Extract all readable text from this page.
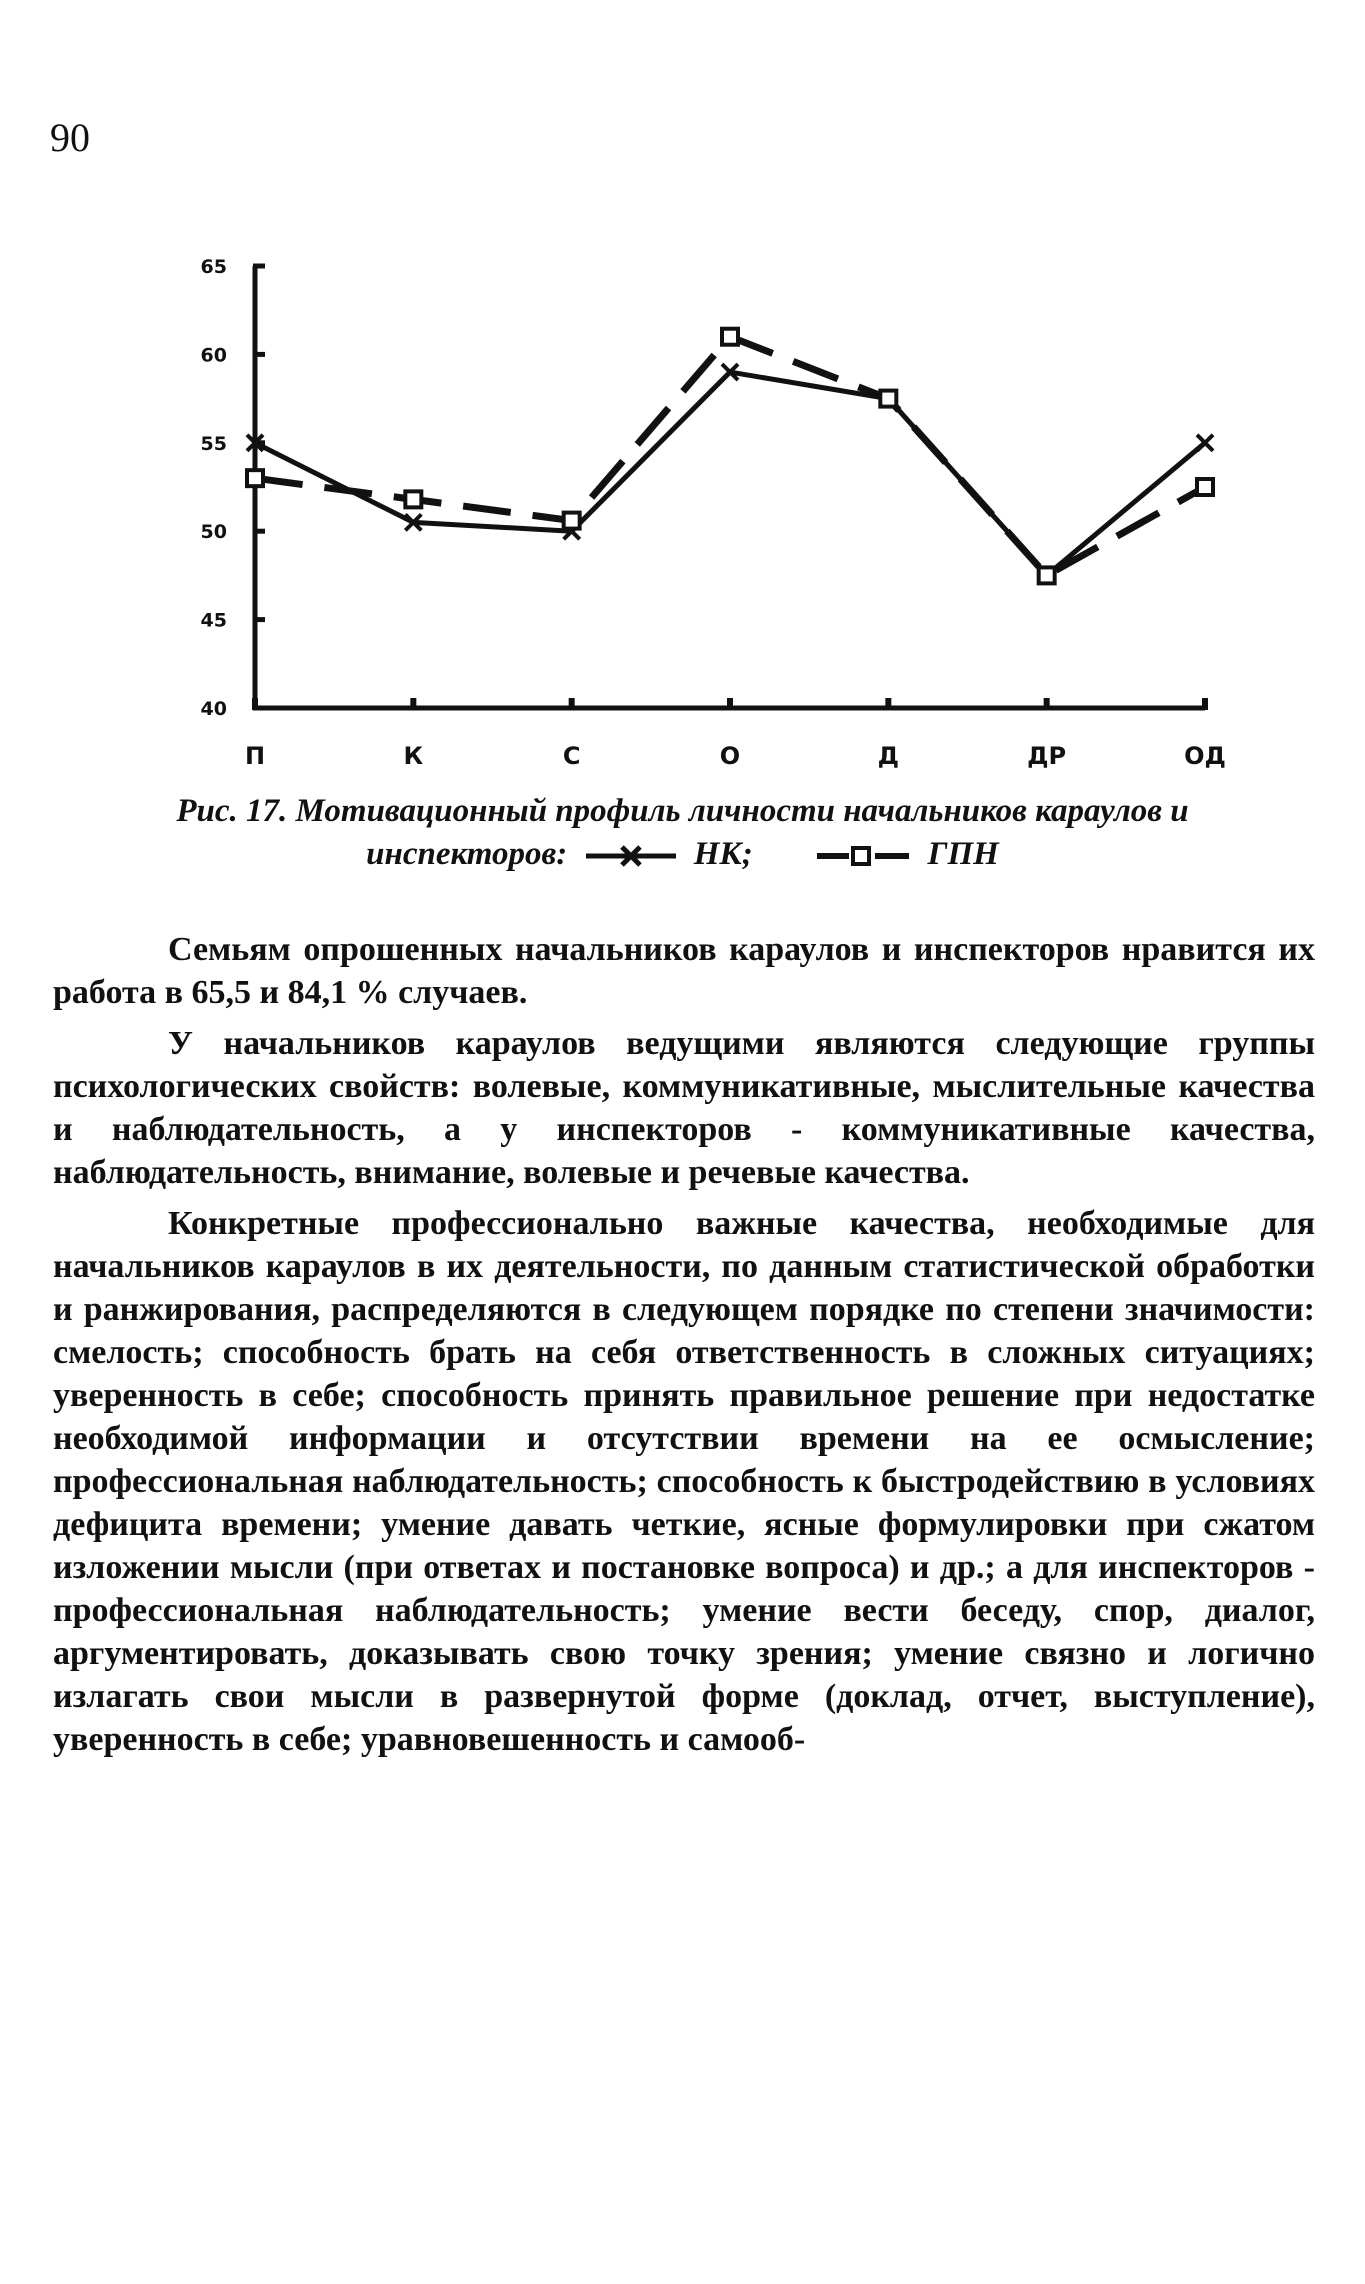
90
40
45
50
55
60
65
П	К	С	О	Д	ДР	ОД
Рис. 17. Мотивационный профиль личности начальников караулов и
инспекторов:	НК;	ГПН

Семьям опрошенных начальников караулов и инспекторов нравится их работа в 65,5 и 84,1 % случаев.

У начальников караулов ведущими являются следующие группы психологических свойств: волевые, коммуникативные, мыслительные качества и наблюдательность, а у инспекторов - коммуникативные качества, наблюдательность, внимание, волевые и речевые качества.

Конкретные профессионально важные качества, необходимые для начальников караулов в их деятельности, по данным статистической обработки и ранжирования, распределяются в следующем порядке по степени значимости: смелость; способность брать на себя ответственность в сложных ситуациях; уверенность в себе; способность принять правильное решение при недостатке необходимой информации и отсутствии времени на ее осмысление; профессиональная наблюдательность; способность к быстродействию в условиях дефицита времени; умение давать четкие, ясные формулировки при сжатом изложении мысли (при ответах и постановке вопроса) и др.; а для инспекторов - профессиональная наблюдательность; умение вести беседу, спор, диалог, аргументировать, доказывать свою точку зрения; умение связно и логично излагать свои мысли в развернутой форме (доклад, отчет, выступление), уверенность в себе; уравновешенность и самооб-
